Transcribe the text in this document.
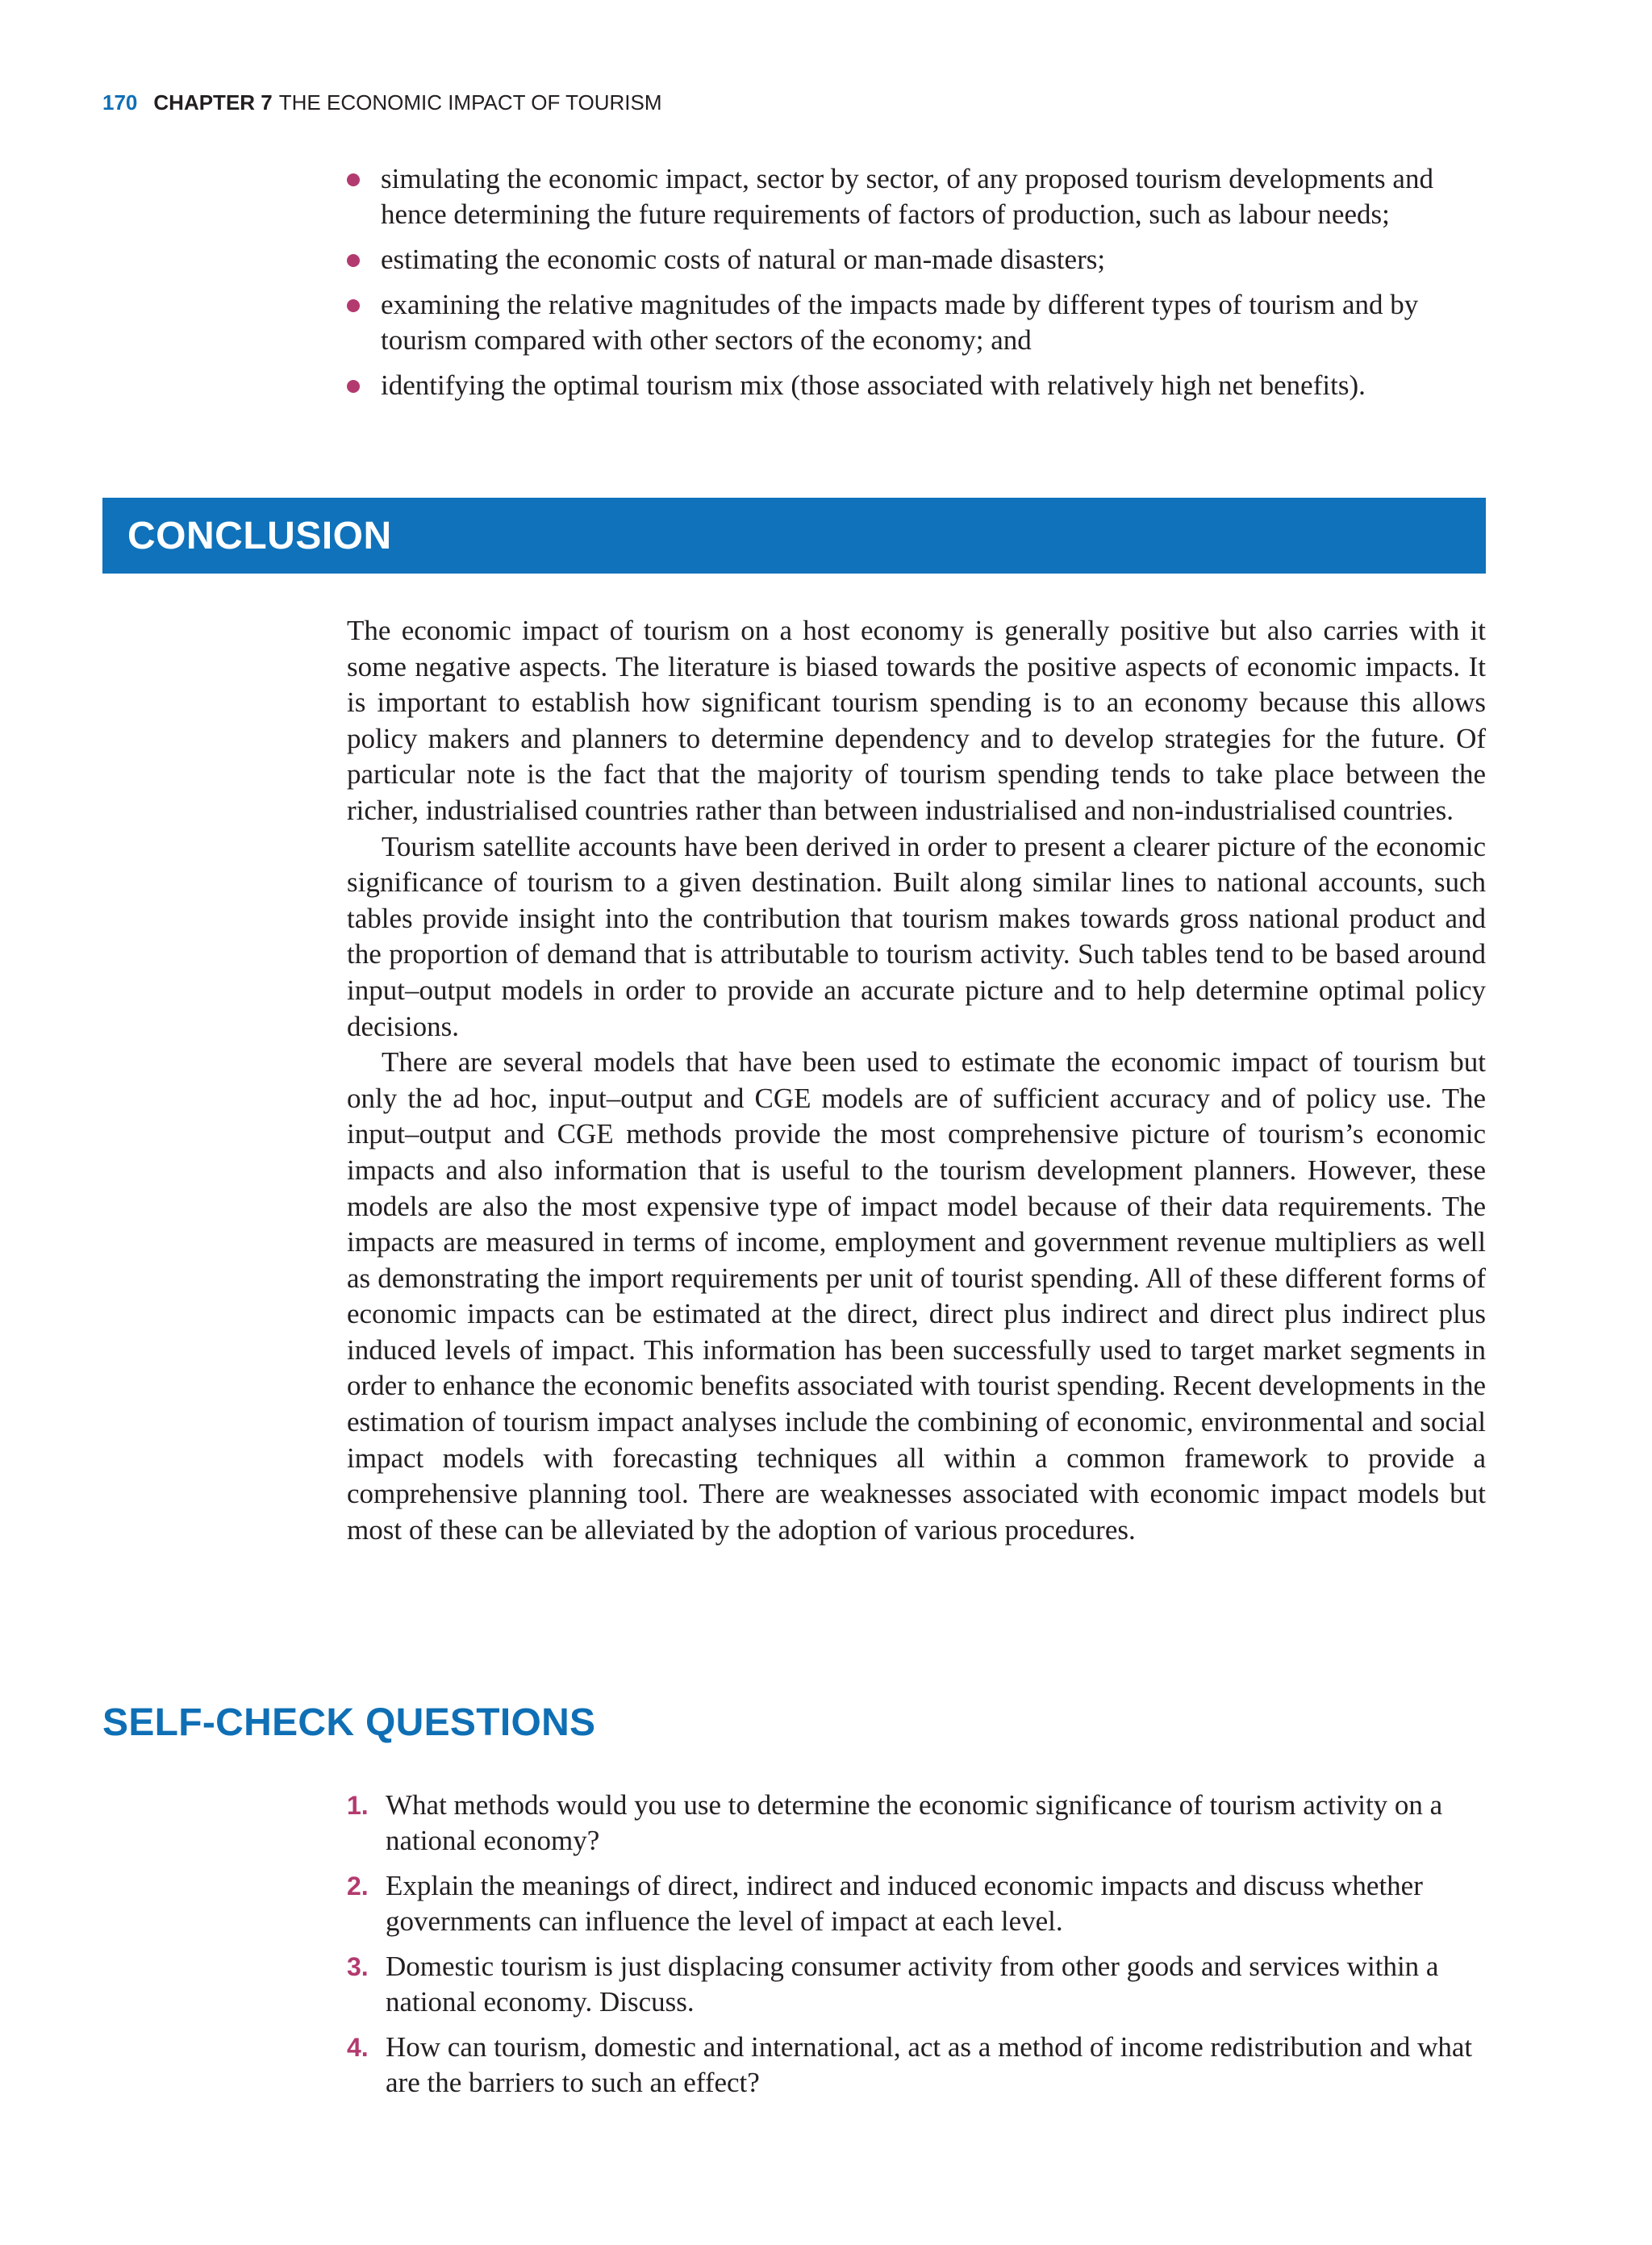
170 CHAPTER 7 THE ECONOMIC IMPACT OF TOURISM
simulating the economic impact, sector by sector, of any proposed tourism developments and hence determining the future requirements of factors of production, such as labour needs;
estimating the economic costs of natural or man-made disasters;
examining the relative magnitudes of the impacts made by different types of tourism and by tourism compared with other sectors of the economy; and
identifying the optimal tourism mix (those associated with relatively high net benefits).
CONCLUSION

The economic impact of tourism on a host economy is generally positive but also carries with it some negative aspects. The literature is biased towards the positive aspects of economic impacts. It is important to establish how significant tourism spending is to an economy because this allows policy makers and planners to determine dependency and to develop strategies for the future. Of particular note is the fact that the majority of tourism spending tends to take place between the richer, industrialised countries rather than between industrialised and non-industrialised countries.

Tourism satellite accounts have been derived in order to present a clearer picture of the economic significance of tourism to a given destination. Built along similar lines to national accounts, such tables provide insight into the contribution that tourism makes towards gross national product and the proportion of demand that is attributable to tourism activity. Such tables tend to be based around input–output models in order to provide an accurate picture and to help determine optimal policy decisions.

There are several models that have been used to estimate the economic impact of tourism but only the ad hoc, input–output and CGE models are of sufficient accuracy and of policy use. The input–output and CGE methods provide the most comprehensive picture of tourism’s economic impacts and also information that is useful to the tourism development planners. However, these models are also the most expensive type of impact model because of their data requirements. The impacts are measured in terms of income, employment and government revenue multipliers as well as demonstrating the import requirements per unit of tourist spending. All of these different forms of economic impacts can be estimated at the direct, direct plus indirect and direct plus indirect plus induced levels of impact. This information has been successfully used to target market segments in order to enhance the economic benefits associated with tourist spending. Recent developments in the estimation of tourism impact analyses include the combining of economic, environmental and social impact models with forecasting techniques all within a common framework to provide a comprehensive planning tool. There are weaknesses associated with economic impact models but most of these can be alleviated by the adoption of various procedures.

SELF-CHECK QUESTIONS
1. What methods would you use to determine the economic significance of tourism activity on a national economy?
2. Explain the meanings of direct, indirect and induced economic impacts and discuss whether governments can influence the level of impact at each level.
3. Domestic tourism is just displacing consumer activity from other goods and services within a national economy. Discuss.
4. How can tourism, domestic and international, act as a method of income redistribution and what are the barriers to such an effect?
